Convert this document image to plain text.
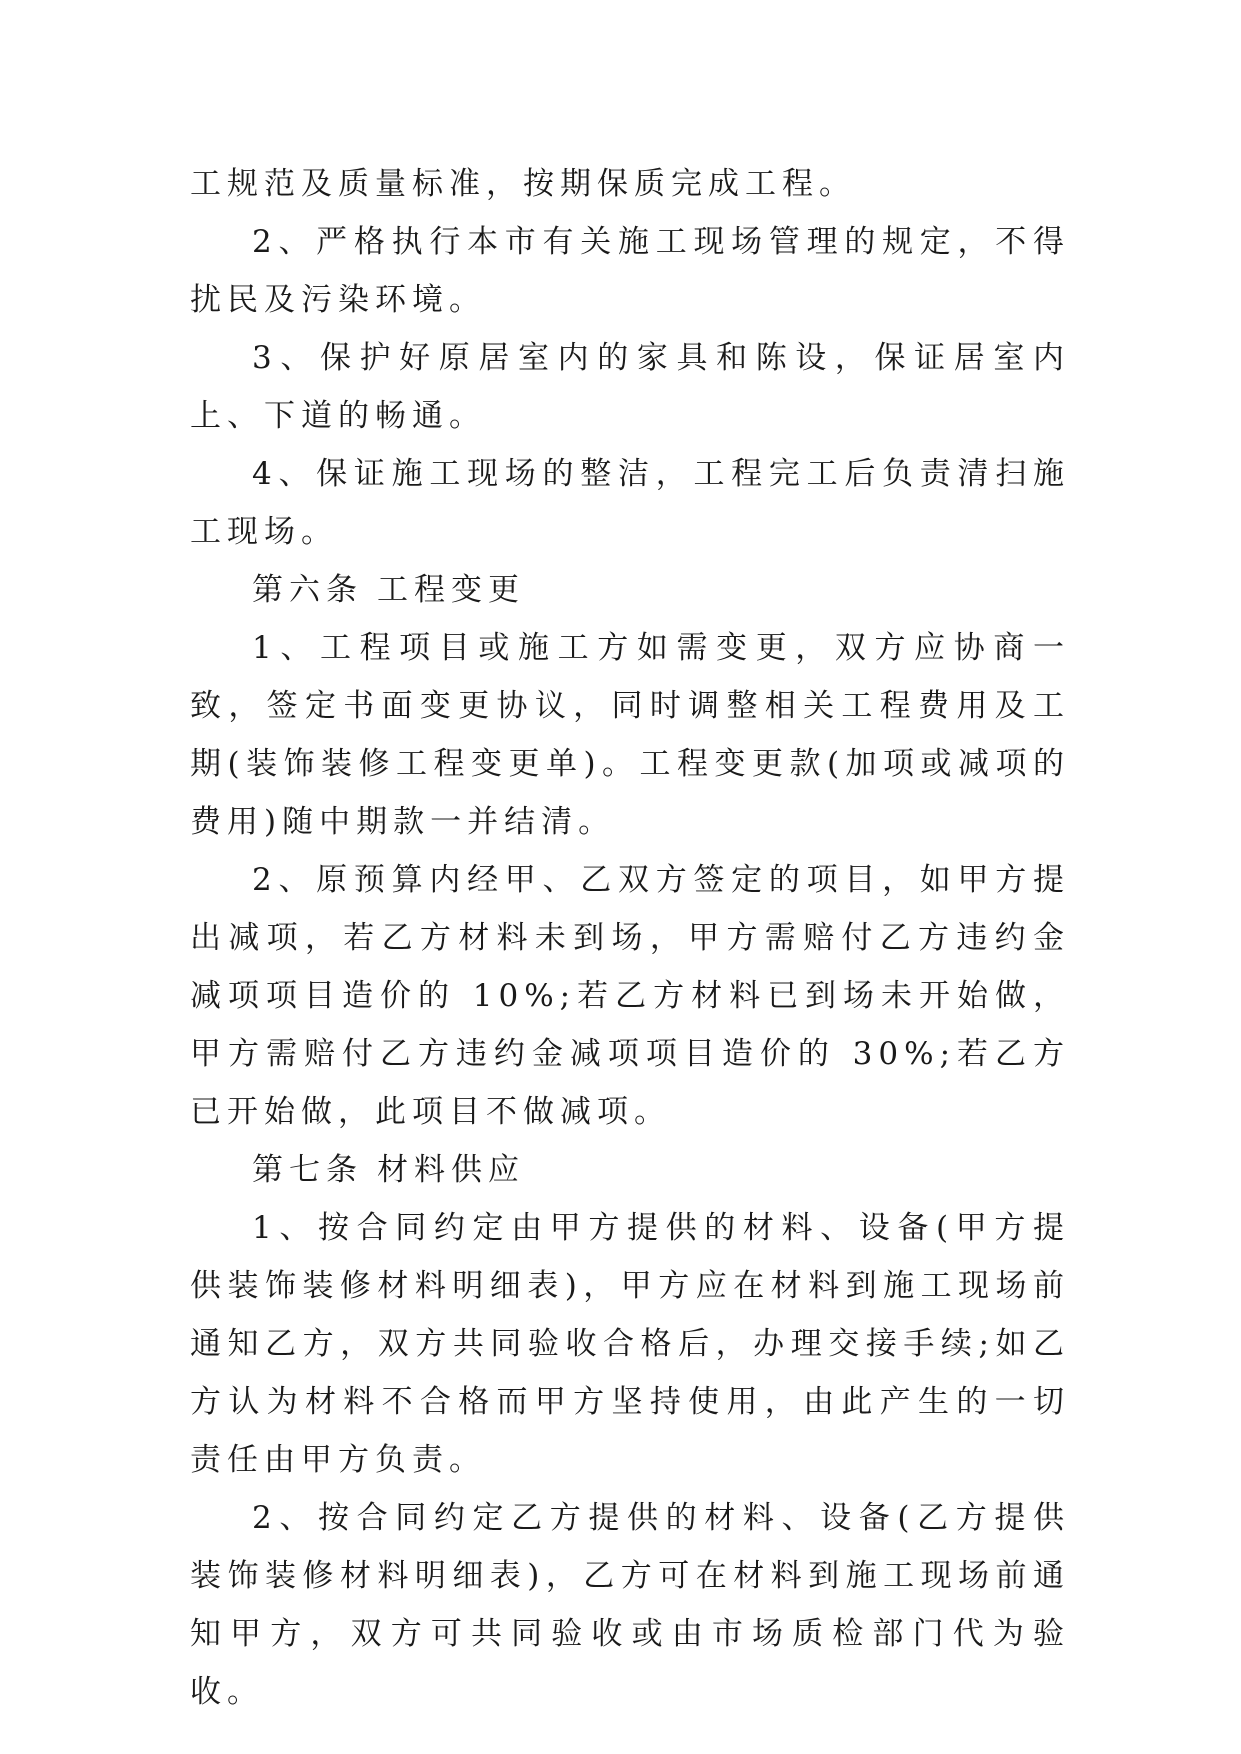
工规范及质量标准，按期保质完成工程。

2、严格执行本市有关施工现场管理的规定，不得扰民及污染环境。

3、保护好原居室内的家具和陈设，保证居室内上、下道的畅通。

4、保证施工现场的整洁，工程完工后负责清扫施工现场。

第六条 工程变更

1、工程项目或施工方如需变更，双方应协商一致，签定书面变更协议，同时调整相关工程费用及工期(装饰装修工程变更单)。工程变更款(加项或减项的费用)随中期款一并结清。

2、原预算内经甲、乙双方签定的项目，如甲方提出减项，若乙方材料未到场，甲方需赔付乙方违约金减项项目造价的 10%;若乙方材料已到场未开始做，甲方需赔付乙方违约金减项项目造价的 30%;若乙方已开始做，此项目不做减项。

第七条 材料供应

1、按合同约定由甲方提供的材料、设备(甲方提供装饰装修材料明细表)，甲方应在材料到施工现场前通知乙方，双方共同验收合格后，办理交接手续;如乙方认为材料不合格而甲方坚持使用，由此产生的一切责任由甲方负责。

2、按合同约定乙方提供的材料、设备(乙方提供装饰装修材料明细表)，乙方可在材料到施工现场前通知甲方，双方可共同验收或由市场质检部门代为验收。
